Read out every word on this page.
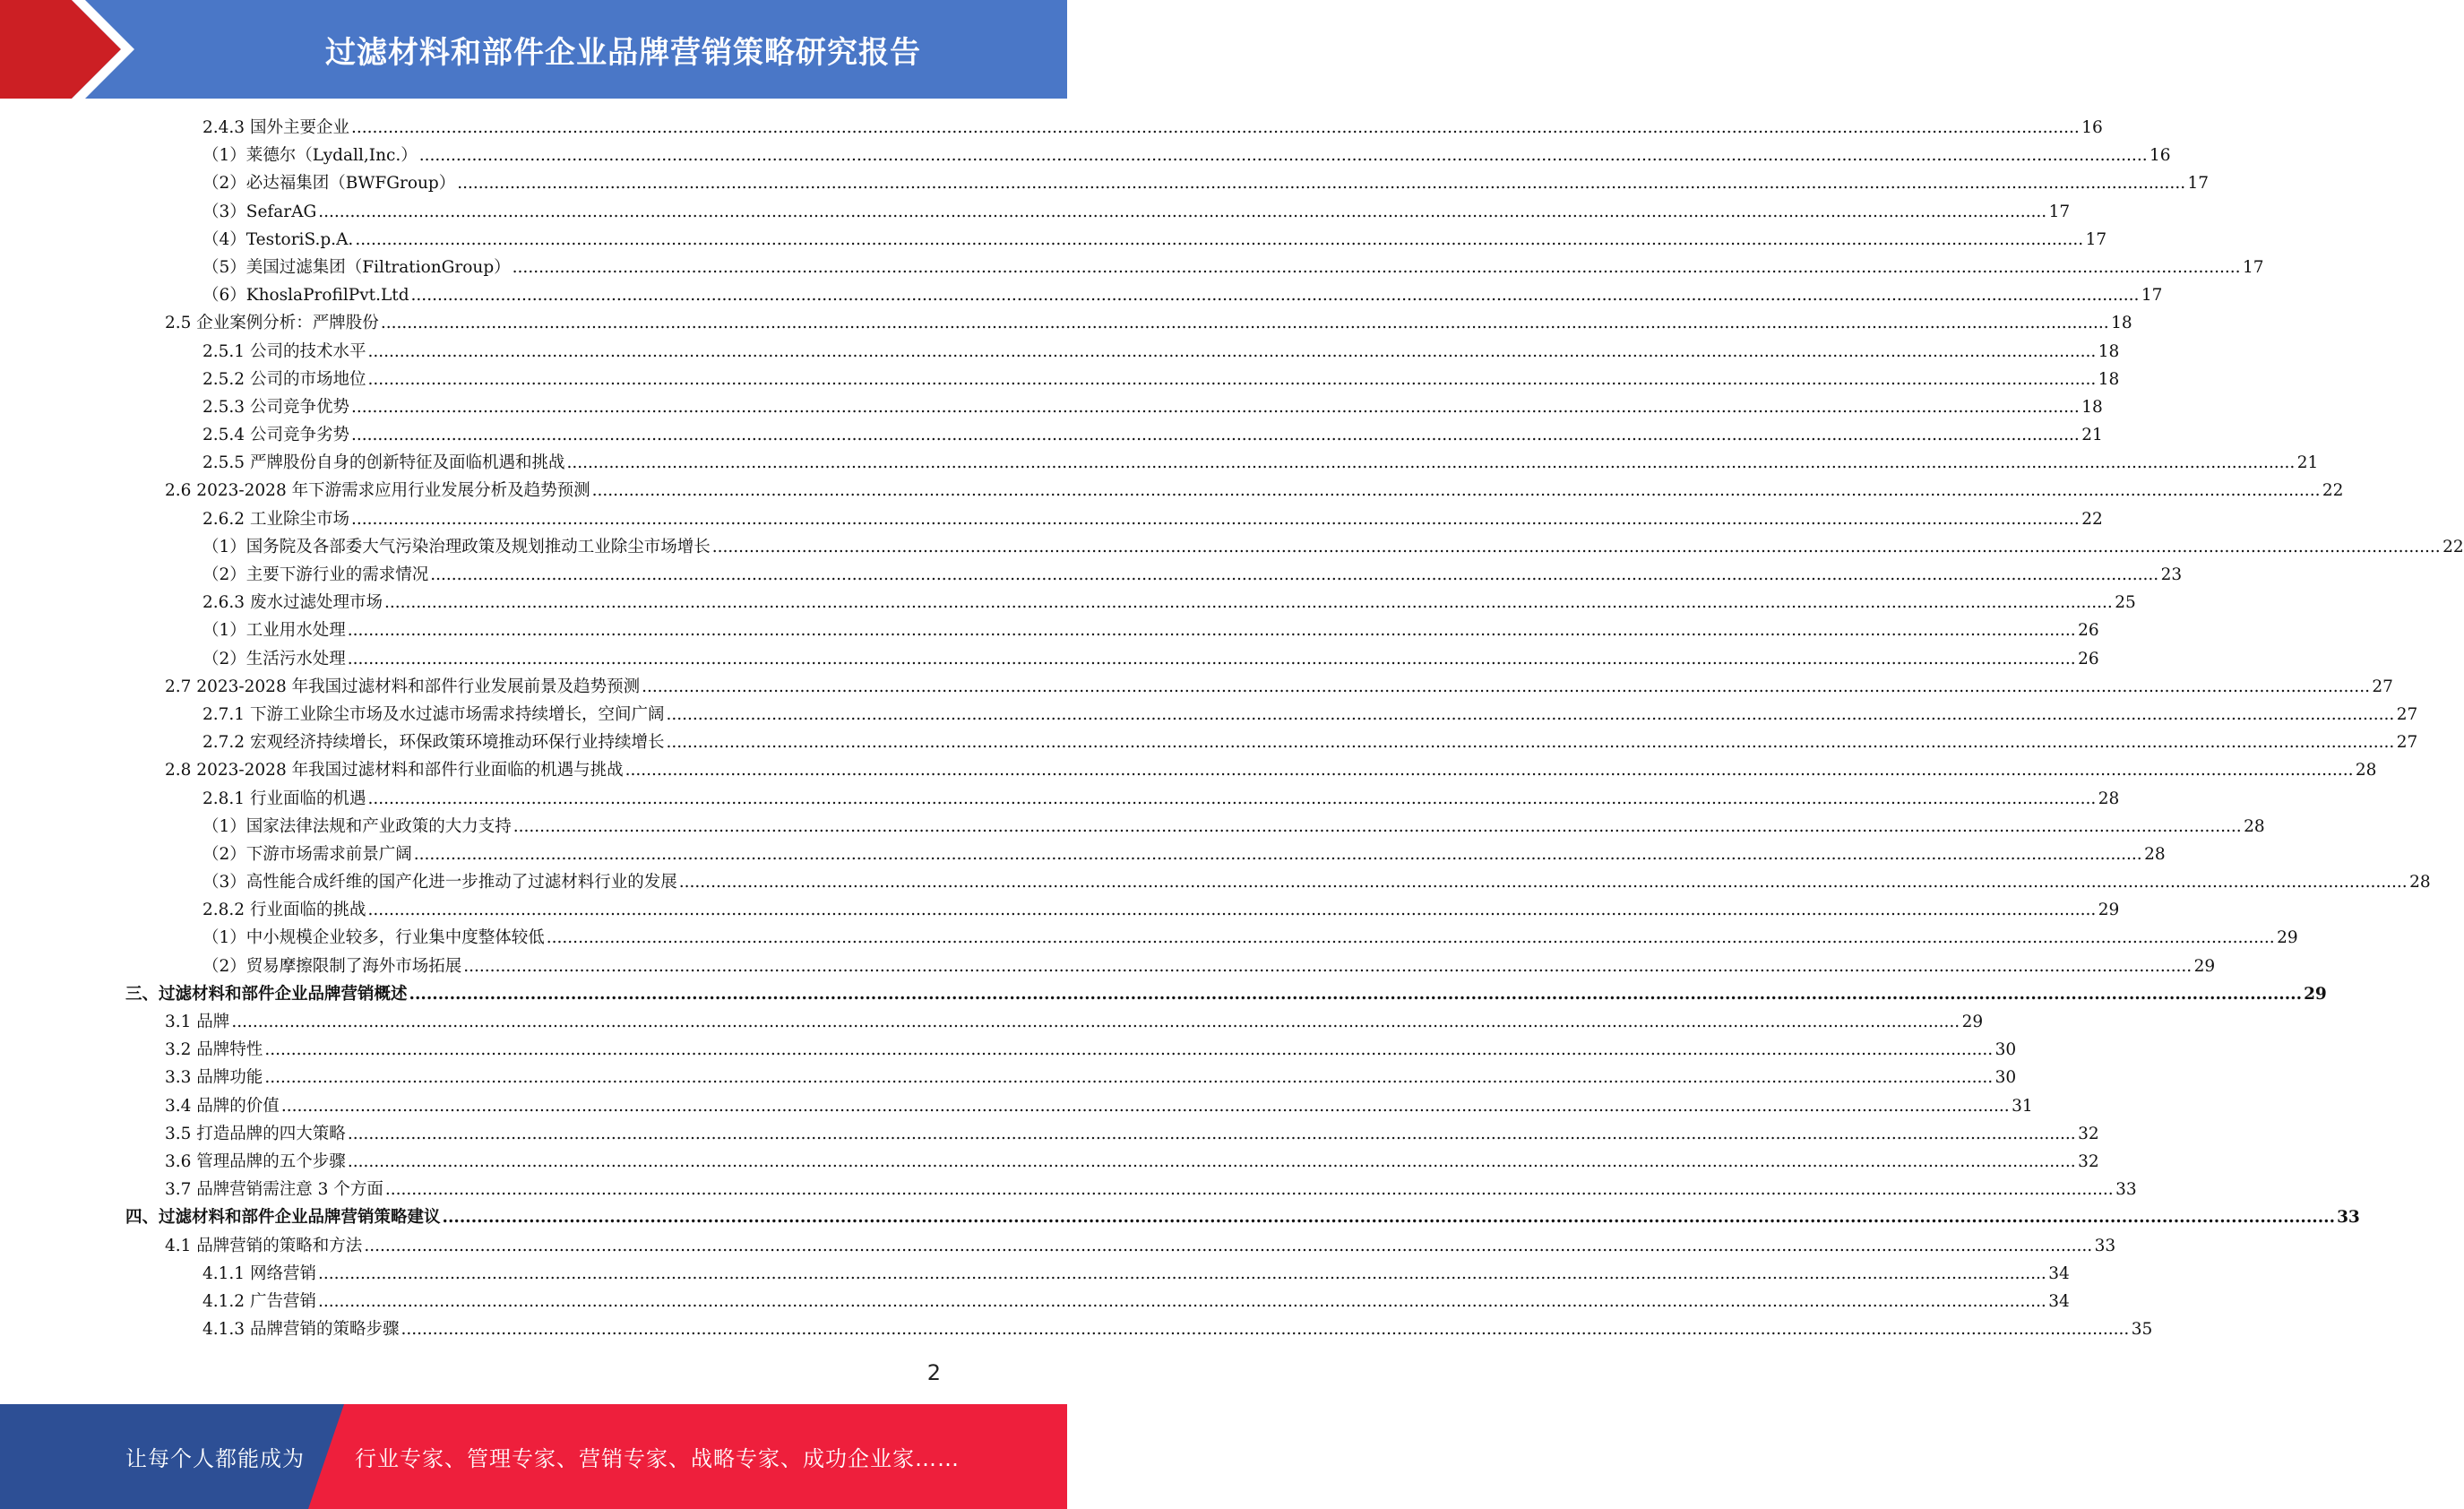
过滤材料和部件企业品牌营销策略研究报告
2.4.3 国外主要企业 .....	16
（1）莱德尔（Lydall,Inc.） .....	16
（2）必达福集团（BWFGroup） .....	17
（3）SefarAG .....	17
（4）TestoriS.p.A. .....	17
（5）美国过滤集团（FiltrationGroup） .....	17
（6）KhoslaProfilPvt.Ltd .....	17
2.5 企业案例分析：严牌股份 .....	18
2.5.1 公司的技术水平 .....	18
2.5.2 公司的市场地位 .....	18
2.5.3 公司竞争优势 .....	18
2.5.4 公司竞争劣势 .....	21
2.5.5 严牌股份自身的创新特征及面临机遇和挑战 .....	21
2.6 2023-2028 年下游需求应用行业发展分析及趋势预测 .....	22
2.6.2 工业除尘市场 .....	22
（1）国务院及各部委大气污染治理政策及规划推动工业除尘市场增长 .....	22
（2）主要下游行业的需求情况 .....	23
2.6.3 废水过滤处理市场 .....	25
（1）工业用水处理 .....	26
（2）生活污水处理 .....	26
2.7 2023-2028 年我国过滤材料和部件行业发展前景及趋势预测 .....	27
2.7.1 下游工业除尘市场及水过滤市场需求持续增长，空间广阔 .....	27
2.7.2 宏观经济持续增长，环保政策环境推动环保行业持续增长 .....	27
2.8 2023-2028 年我国过滤材料和部件行业面临的机遇与挑战 .....	28
2.8.1 行业面临的机遇 .....	28
（1）国家法律法规和产业政策的大力支持 .....	28
（2）下游市场需求前景广阔 .....	28
（3）高性能合成纤维的国产化进一步推动了过滤材料行业的发展 .....	28
2.8.2 行业面临的挑战 .....	29
（1）中小规模企业较多，行业集中度整体较低 .....	29
（2）贸易摩擦限制了海外市场拓展 .....	29
三、过滤材料和部件企业品牌营销概述 .....	29
3.1 品牌 .....	29
3.2 品牌特性 .....	30
3.3 品牌功能 .....	30
3.4 品牌的价值 .....	31
3.5 打造品牌的四大策略 .....	32
3.6 管理品牌的五个步骤 .....	32
3.7 品牌营销需注意 3 个方面 .....	33
四、过滤材料和部件企业品牌营销策略建议 .....	33
4.1 品牌营销的策略和方法 .....	33
4.1.1 网络营销 .....	34
4.1.2 广告营销 .....	34
4.1.3 品牌营销的策略步骤 .....	35
2
让每个人都能成为 行业专家、管理专家、营销专家、战略专家、成功企业家……
